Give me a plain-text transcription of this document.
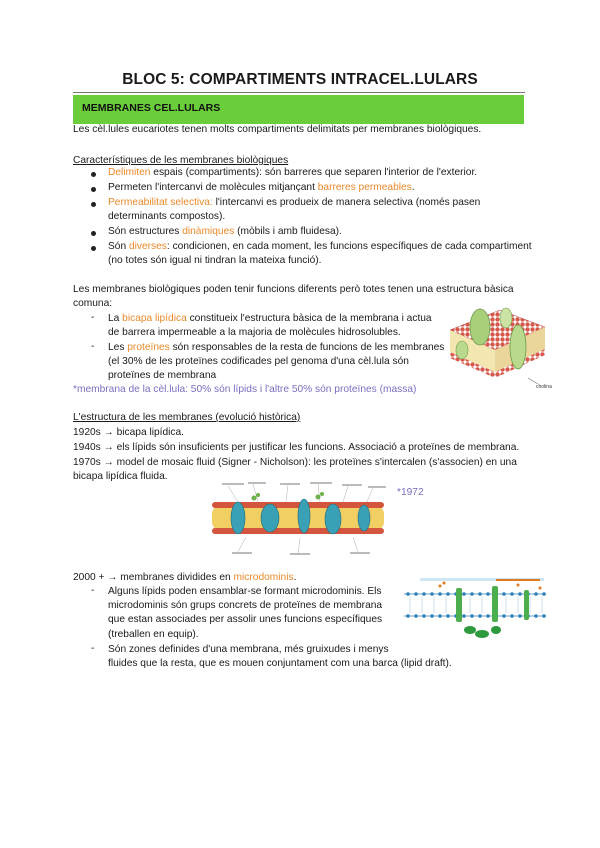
BLOC 5: COMPARTIMENTS INTRACEL.LULARS
MEMBRANES CEL.LULARS
Les cèl.lules eucariotes tenen molts compartiments delimitats per membranes biològiques.
Característiques de les membranes biològiques
Delimiten espais (compartiments): són barreres que separen l'interior de l'exterior.
Permeten l'intercanvi de molècules mitjançant barreres permeables.
Permeabilitat selectiva: l'intercanvi es produeix de manera selectiva (només pasen
determinants compostos).
Són estructures dinàmiques (mòbils i amb fluidesa).
Són diverses: condicionen, en cada moment, les funcions específiques de cada compartiment
(no totes són igual ni tindran la mateixa funció).
Les membranes biològiques poden tenir funcions diferents però totes tenen una estructura bàsica
comuna:
- La bicapa lipídica constitueix l'estructura bàsica de la membrana i actua
de barrera impermeable a la majoria de molècules hidrosolubles.
- Les proteïnes són responsables de la resta de funcions de les membranes
(el 30% de les proteïnes codificades pel genoma d'una cèl.lula són
proteïnes de membrana
*membrana de la cèl.lula: 50% són lípids i l'altre 50% són proteïnes (massa)	cholina
L'estructura de les membranes (evolució històrica)
1920s → bicapa lipídica.
1940s → els lípids són insuficients per justificar les funcions. Associació a proteïnes de membrana.
1970s → model de mosaic fluid (Signer - Nicholson): les proteïnes s'intercalen (s'associen) en una
bicapa lipídica fluida.
*1972
2000 + → membranes dividides en microdominis.
- Alguns lípids poden ensamblar-se formant microdominis. Els
microdominis són grups concrets de proteïnes de membrana
que estan associades per assolir unes funcions específiques
(treballen en equip).
- Són zones definides d'una membrana, més gruixudes i menys
fluides que la resta, que es mouen conjuntament com una barca (lipid draft).
